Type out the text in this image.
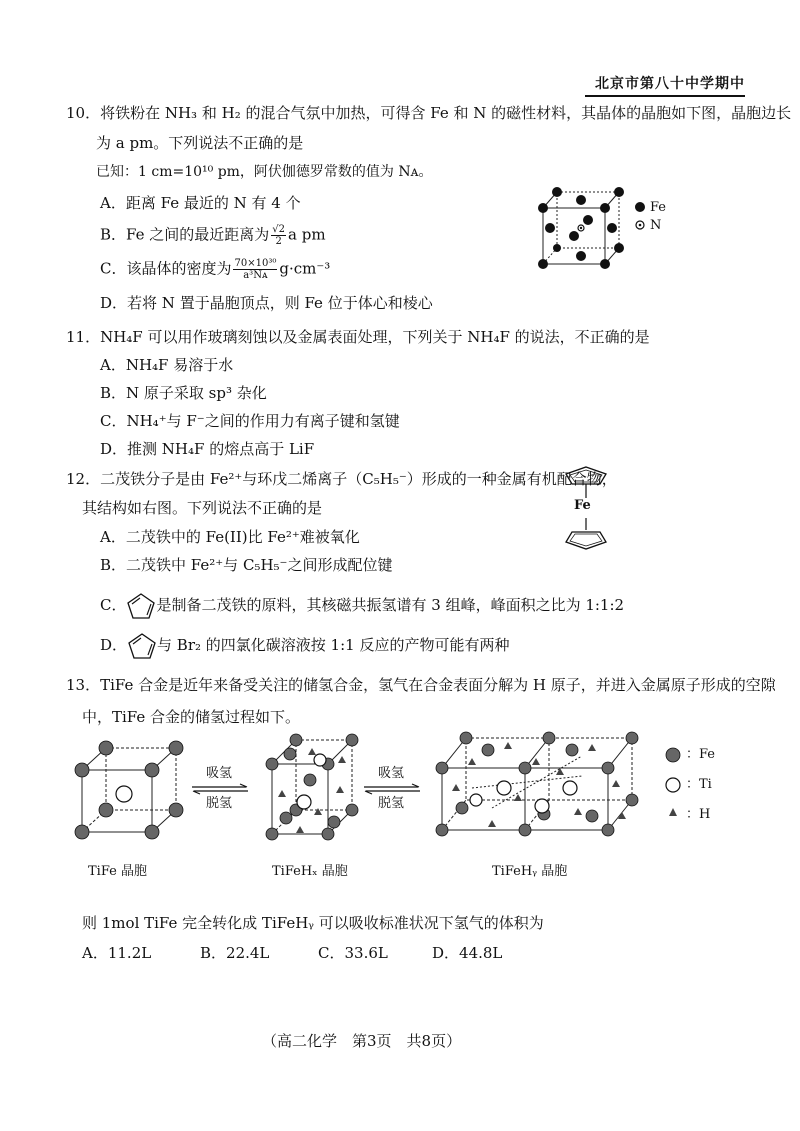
北京市第八十中学期中
10．将铁粉在 NH₃ 和 H₂ 的混合气氛中加热，可得含 Fe 和 N 的磁性材料，其晶体的晶胞如下图，晶胞边长
为 a pm。下列说法不正确的是
已知：1 cm=10¹⁰ pm，阿伏伽德罗常数的值为 Nᴀ。
A．距离 Fe 最近的 N 有 4 个
B．Fe 之间的最近距离为 $\frac{√2}{2}$ a pm
C．该晶体的密度为 $\frac{\text{70×10³⁰}}{\text{a³Nᴀ}} g\cdot cm^{-3}$
D．若将 N 置于晶胞顶点，则 Fe 位于体心和棱心
Fe
N
11．NH₄F 可以用作玻璃刻蚀以及金属表面处理，下列关于 NH₄F 的说法，不正确的是
A．NH₄F 易溶于水
B．N 原子采取 sp³ 杂化
C．NH₄⁺与 F⁻之间的作用力有离子键和氢键
D．推测 NH₄F 的熔点高于 LiF
12．二茂铁分子是由 Fe²⁺与环戊二烯离子（C₅H₅⁻）形成的一种金属有机配合物，
其结构如右图。下列说法不正确的是	Fe
A．二茂铁中的 Fe(II)比 Fe²⁺难被氧化
B．二茂铁中 Fe²⁺与 C₅H₅⁻之间形成配位键
C． 是制备二茂铁的原料，其核磁共振氢谱有 3 组峰，峰面积之比为 1:1:2
D． 与 Br₂ 的四氯化碳溶液按 1:1 反应的产物可能有两种
13．TiFe 合金是近年来备受关注的储氢合金，氢气在合金表面分解为 H 原子，并进入金属原子形成的空隙
中，TiFe 合金的储氢过程如下。
吸氢
脱氢
吸氢
脱氢
：Fe
：Ti
：H
TiFe 晶胞	TiFeHₓ 晶胞	TiFeHᵧ 晶胞
则 1mol TiFe 完全转化成 TiFeHᵧ 可以吸收标准状况下氢气的体积为
A．11.2L	B．22.4L	C．33.6L	D．44.8L
（高二化学　第3页　共8页）
